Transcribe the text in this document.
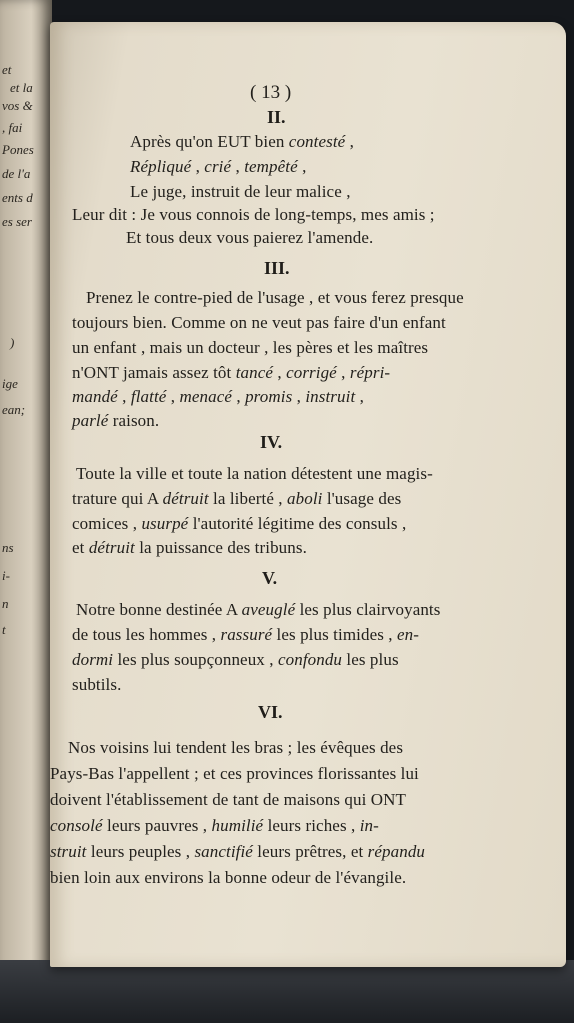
et
et la
vos &
, fai
Pones
de l'a
ents d
es ser
)
ige
ean;
ns
i-
n
t
( 13 )
II.
Après qu'on EUT bien contesté ,
Répliqué , crié , tempêté ,
Le juge, instruit de leur malice ,
Leur dit : Je vous connois de long-temps, mes amis ;
Et tous deux vous paierez l'amende.
III.
Prenez le contre-pied de l'usage , et vous ferez presque
toujours bien. Comme on ne veut pas faire d'un enfant
un enfant , mais un docteur , les pères et les maîtres
n'ONT jamais assez tôt tancé , corrigé , répri-
mandé , flatté , menacé , promis , instruit ,
parlé raison.
IV.
Toute la ville et toute la nation détestent une magis-
trature qui A détruit la liberté , aboli l'usage des
comices , usurpé l'autorité légitime des consuls ,
et détruit la puissance des tribuns.
V.
Notre bonne destinée A aveuglé les plus clairvoyants
de tous les hommes , rassuré les plus timides , en-
dormi les plus soupçonneux , confondu les plus
subtils.
VI.
Nos voisins lui tendent les bras ; les évêques des
Pays-Bas l'appellent ; et ces provinces florissantes lui
doivent l'établissement de tant de maisons qui ONT
consolé leurs pauvres , humilié leurs riches , in-
struit leurs peuples , sanctifié leurs prêtres, et répandu
bien loin aux environs la bonne odeur de l'évangile.
